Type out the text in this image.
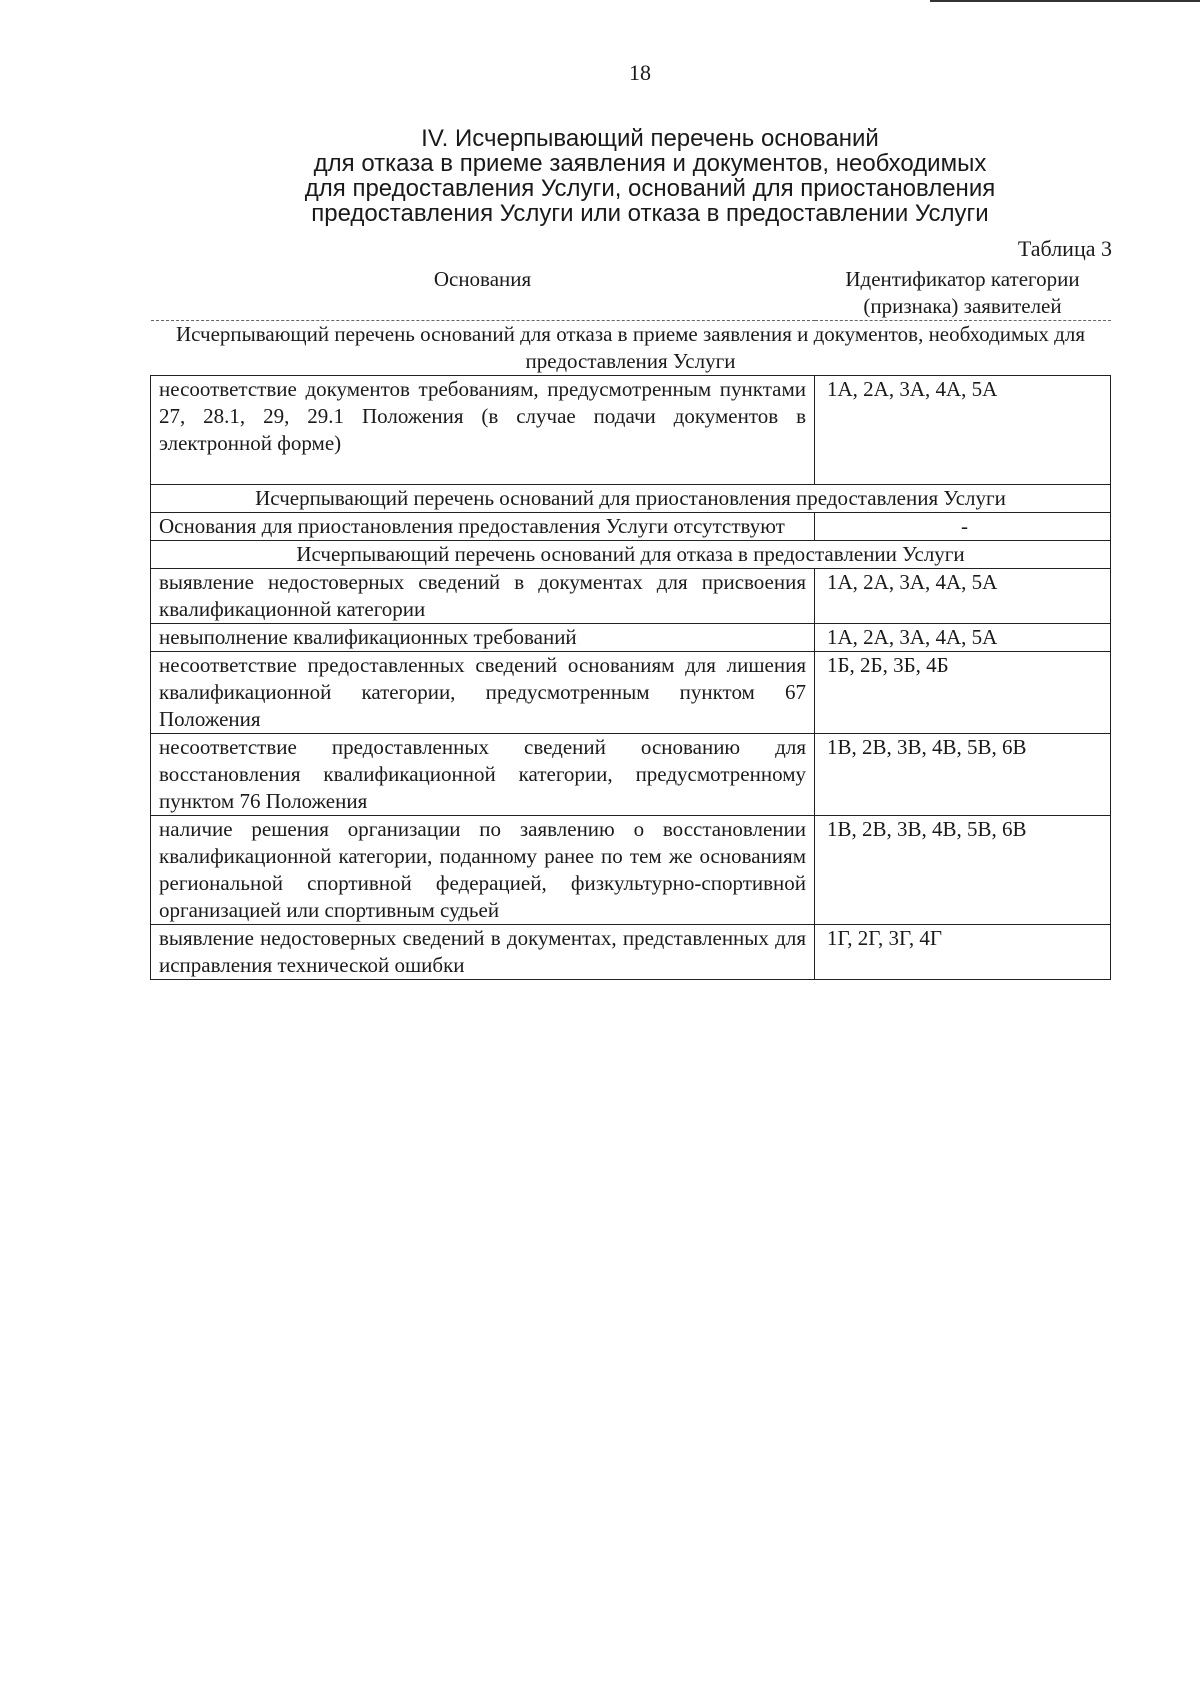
18
IV. Исчерпывающий перечень оснований
для отказа в приеме заявления и документов, необходимых
для предоставления Услуги, оснований для приостановления
предоставления Услуги или отказа в предоставлении Услуги
Таблица 3
Основания	Идентификатор категории (признака) заявителей
Исчерпывающий перечень оснований для отказа в приеме заявления и документов, необходимых для предоставления Услуги	
несоответствие документов требованиям, предусмотренным пунктами 27, 28.1, 29, 29.1 Положения (в случае подачи документов в электронной форме)	1А, 2А, 3А, 4А, 5А
Исчерпывающий перечень оснований для приостановления предоставления Услуги	
Основания для приостановления предоставления Услуги отсутствуют	-
Исчерпывающий перечень оснований для отказа в предоставлении Услуги	
выявление недостоверных сведений в документах для присвоения квалификационной категории	1А, 2А, 3А, 4А, 5А
невыполнение квалификационных требований	1А, 2А, 3А, 4А, 5А
несоответствие предоставленных сведений основаниям для лишения квалификационной категории, предусмотренным пунктом 67 Положения	1Б, 2Б, 3Б, 4Б
несоответствие предоставленных сведений основанию для восстановления квалификационной категории, предусмотренному пунктом 76 Положения	1В, 2В, 3В, 4В, 5В, 6В
наличие решения организации по заявлению о восстановлении квалификационной категории, поданному ранее по тем же основаниям региональной спортивной федерацией, физкультурно-спортивной организацией или спортивным судьей	1В, 2В, 3В, 4В, 5В, 6В
выявление недостоверных сведений в документах, представленных для исправления технической ошибки	1Г, 2Г, 3Г, 4Г
